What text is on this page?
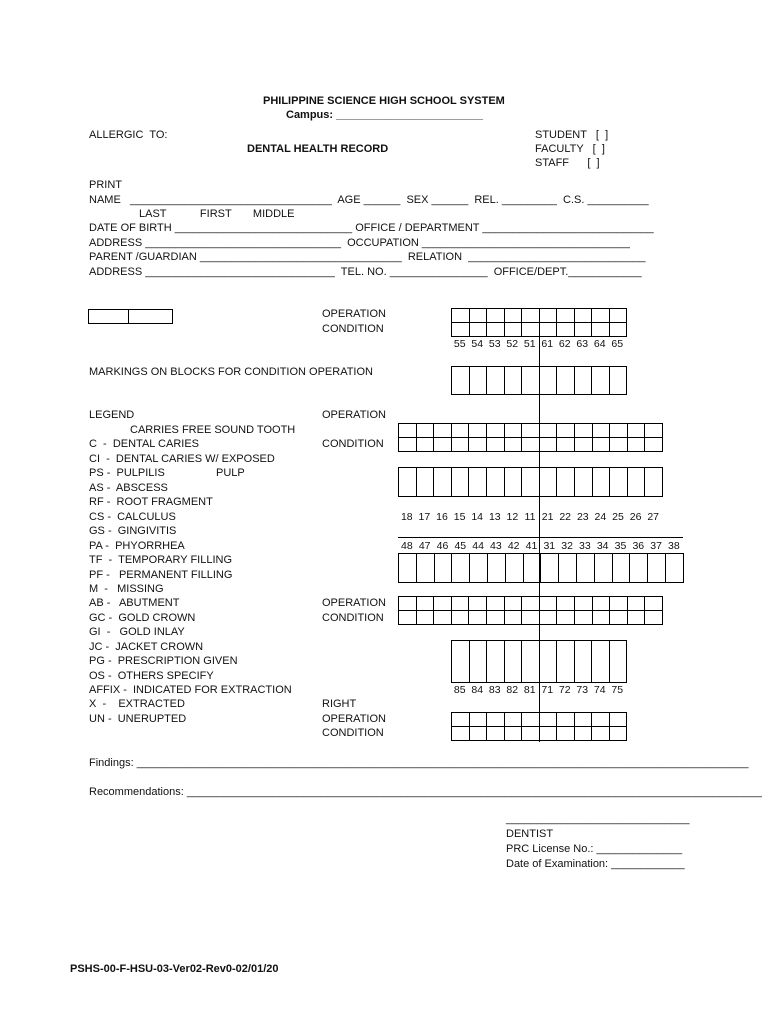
PHILIPPINE SCIENCE HIGH SCHOOL SYSTEM
Campus: ________________________
ALLERGIC  TO:
DENTAL HEALTH RECORD
STUDENT   [  ]
FACULTY   [  ]
STAFF      [  ]
PRINT
NAME   _________________________________  AGE ______  SEX ______  REL. _________  C.S. __________
LAST           FIRST       MIDDLE
DATE OF BIRTH _____________________________ OFFICE / DEPARTMENT ____________________________
ADDRESS ________________________________  OCCUPATION __________________________________
PARENT /GUARDIAN _________________________________  RELATION  _____________________________
ADDRESS _______________________________  TEL. NO. ________________  OFFICE/DEPT.____________
OPERATION
CONDITION
MARKINGS ON BLOCKS FOR CONDITION OPERATION
LEGEND	OPERATION
CARRIES FREE SOUND TOOTH
CONDITION
C  -  DENTAL CARIES
CI  -  DENTAL CARIES W/ EXPOSED
PS -  PULPILIS	PULP
AS -  ABSCESS
RF -  ROOT FRAGMENT
CS -  CALCULUS
GS -  GINGIVITIS
PA -  PHYORRHEA
TF  -  TEMPORARY FILLING
PF -   PERMANENT FILLING
M  -   MISSING
AB -   ABUTMENT
GC -  GOLD CROWN
GI  -   GOLD INLAY
JC -  JACKET CROWN
PG -  PRESCRIPTION GIVEN
OS -  OTHERS SPECIFY
AFFIX -  INDICATED FOR EXTRACTION
X  -    EXTRACTED
UN -  UNERUPTED
OPERATION
CONDITION
RIGHT
OPERATION
CONDITION
55 54 53 52 51 61 62 63 64 65
18 17 16 15 14 13 12 11 21 22 23 24 25 26 27
48 47 46 45 44 43 42 41 31 32 33 34 35 36 37 38
85 84 83 82 81 71 72 73 74 75
Findings: ____________________________________________________________________________________________________
Recommendations: ______________________________________________________________________________________________
______________________________
DENTIST
PRC License No.: ______________
Date of Examination: ____________
PSHS-00-F-HSU-03-Ver02-Rev0-02/01/20
